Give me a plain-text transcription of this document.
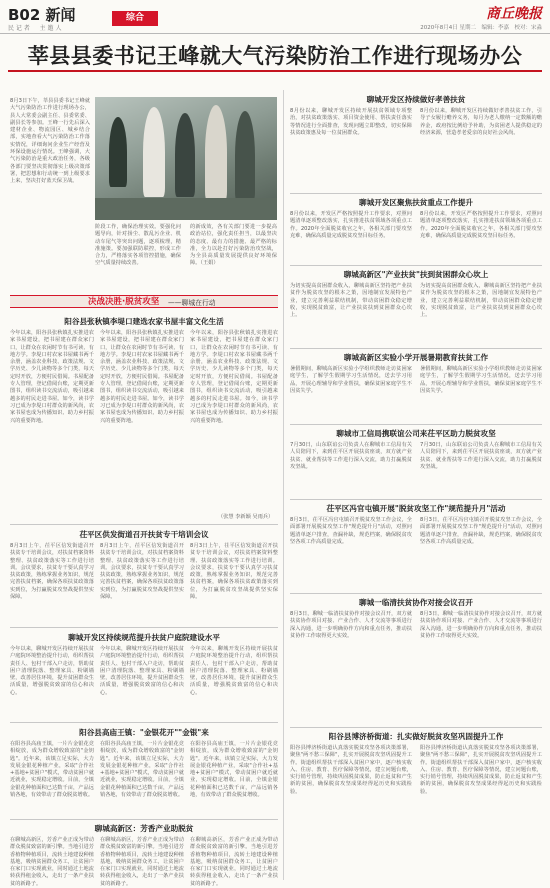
B02 新闻
民 记 者 　 主 邀 人
综合	商丘晚报
2020年8月4日 星期二　编辑：李嘉　校对：宋淼
莘县县委书记王峰就大气污染防治工作进行现场办公
8月3日下午，莘县县委书记王峰就大气污染防治工作进行现场办公，县人大常委会副主任、县委常委、副县长等参加。王峰一行先后深入建材企业、物流园区、城乡结合部，实地查看大气污染防治工作落实情况，详细询问企业生产经营及环保设施运行情况。王峰强调，大气污染防治是重大政治任务，各级各部门要坚决贯彻落实上级决策部署，把思想和行动统一到上级要求上来，坚决打好蓝天保卫战。
阶段工作，确保治理实效。要强化问题导向，针对扬尘、散乱污企业、机动车尾气等突出问题，逐项梳理，精准施策。要加强联防联控，形成工作合力，严格落实各项管控措施，确保空气质量持续改善。
的新成效，各有关部门要进一步提高政治站位，强化责任担当，以最坚决的态度、最有力的措施、最严格的标准，全力以赴打好污染防治攻坚战，为全县高质量发展提供良好环境保障。（王娟）
决战决胜·脱贫攻坚 ——聊城在行动
阳谷县张秋镇李堤口建选农家书屋丰富文化生活
今年以来，阳谷县张秋镇扎实推进农家书屋建设，把书屋建在群众家门口，让群众在农闲时节有书可读、有地方学。李堤口村农家书屋藏书两千余册，涵盖农业科技、政策法规、文学历史、少儿读物等多个门类，每天定时开放，方便村民借阅。书屋配备专人管理，登记借阅台账，定期更新图书，组织读书交流活动，吸引越来越多的村民走进书屋。如今，读书学习已成为李堤口村群众的新风尚，农家书屋也成为传播知识、助力乡村振兴的重要阵地。
今年以来，阳谷县张秋镇扎实推进农家书屋建设，把书屋建在群众家门口，让群众在农闲时节有书可读、有地方学。李堤口村农家书屋藏书两千余册，涵盖农业科技、政策法规、文学历史、少儿读物等多个门类，每天定时开放，方便村民借阅。书屋配备专人管理，登记借阅台账，定期更新图书，组织读书交流活动，吸引越来越多的村民走进书屋。如今，读书学习已成为李堤口村群众的新风尚，农家书屋也成为传播知识、助力乡村振兴的重要阵地。
今年以来，阳谷县张秋镇扎实推进农家书屋建设，把书屋建在群众家门口，让群众在农闲时节有书可读、有地方学。李堤口村农家书屋藏书两千余册，涵盖农业科技、政策法规、文学历史、少儿读物等多个门类，每天定时开放，方便村民借阅。书屋配备专人管理，登记借阅台账，定期更新图书，组织读书交流活动，吸引越来越多的村民走进书屋。如今，读书学习已成为李堤口村群众的新风尚，农家书屋也成为传播知识、助力乡村振兴的重要阵地。
（张慧 李新颖 吴雨兵）
茌平区供发街道召开扶贫专干培训会议
8月3日上午，茌平区信发街道召开扶贫专干培训会议，对扶贫档案资料整理、扶贫政策落实等工作进行培训。会议要求，扶贫专干要认真学习扶贫政策，熟练掌握业务知识，规范完善扶贫档案，确保各项扶贫政策落实到位，为打赢脱贫攻坚战提供坚实保障。
8月3日上午，茌平区信发街道召开扶贫专干培训会议，对扶贫档案资料整理、扶贫政策落实等工作进行培训。会议要求，扶贫专干要认真学习扶贫政策，熟练掌握业务知识，规范完善扶贫档案，确保各项扶贫政策落实到位，为打赢脱贫攻坚战提供坚实保障。
8月3日上午，茌平区信发街道召开扶贫专干培训会议，对扶贫档案资料整理、扶贫政策落实等工作进行培训。会议要求，扶贫专干要认真学习扶贫政策，熟练掌握业务知识，规范完善扶贫档案，确保各项扶贫政策落实到位，为打赢脱贫攻坚战提供坚实保障。
聊城开发区持续规范提升扶贫户庭院建设水平
今年以来，聊城开发区持续开展扶贫户庭院环境整治提升行动，组织帮扶责任人、包村干部入户走访，帮助贫困户清理院落、整理家具、粉刷墙壁，改善居住环境，提升贫困群众生活质量，增强脱贫致富的信心和决心。
今年以来，聊城开发区持续开展扶贫户庭院环境整治提升行动，组织帮扶责任人、包村干部入户走访，帮助贫困户清理院落、整理家具、粉刷墙壁，改善居住环境，提升贫困群众生活质量，增强脱贫致富的信心和决心。
今年以来，聊城开发区持续开展扶贫户庭院环境整治提升行动，组织帮扶责任人、包村干部入户走访，帮助贫困户清理院落、整理家具、粉刷墙壁，改善居住环境，提升贫困群众生活质量，增强脱贫致富的信心和决心。
阳谷县高庙王镇："金银花开""金银"来
在阳谷县高庙王镇，一片片金银花竞相绽放，成为群众增收致富的"金钥匙"。近年来，该镇立足实际，大力发展金银花种植产业，采取"合作社+基地+贫困户"模式，带动贫困户就近就业，实现稳定增收。目前，全镇金银花种植面积已达数千亩，产品远销各地，有效带动了群众脱贫增收。
在阳谷县高庙王镇，一片片金银花竞相绽放，成为群众增收致富的"金钥匙"。近年来，该镇立足实际，大力发展金银花种植产业，采取"合作社+基地+贫困户"模式，带动贫困户就近就业，实现稳定增收。目前，全镇金银花种植面积已达数千亩，产品远销各地，有效带动了群众脱贫增收。
在阳谷县高庙王镇，一片片金银花竞相绽放，成为群众增收致富的"金钥匙"。近年来，该镇立足实际，大力发展金银花种植产业，采取"合作社+基地+贫困户"模式，带动贫困户就近就业，实现稳定增收。目前，全镇金银花种植面积已达数千亩，产品远销各地，有效带动了群众脱贫增收。
聊城高新区：芳香产业助脱贫
在聊城高新区，芳香产业正成为带动群众脱贫致富的新引擎。当地引进芳香植物种植项目，流转土地建设种植基地，吸纳贫困群众务工，让贫困户在家门口实现就业，同时通过土地流转获得租金收入，走出了一条产业扶贫的新路子。
在聊城高新区，芳香产业正成为带动群众脱贫致富的新引擎。当地引进芳香植物种植项目，流转土地建设种植基地，吸纳贫困群众务工，让贫困户在家门口实现就业，同时通过土地流转获得租金收入，走出了一条产业扶贫的新路子。
在聊城高新区，芳香产业正成为带动群众脱贫致富的新引擎。当地引进芳香植物种植项目，流转土地建设种植基地，吸纳贫困群众务工，让贫困户在家门口实现就业，同时通过土地流转获得租金收入，走出了一条产业扶贫的新路子。
聊城开发区持续做好孝善扶贫
8月份以来，聊城开发区持续开展扶贫领域专项整治，对扶贫政策落实、项目资金使用、帮扶责任落实等情况进行全面排查，发现问题立即整改，切实保障扶贫政策惠及每一位贫困群众。
8月份以来，聊城开发区持续做好孝善扶贫工作，引导子女履行赡养义务，每月为老人缴纳一定数额的赡养金，政府按比例给予补助，为贫困老人提供稳定的经济来源，营造孝老爱亲的良好社会风尚。
聊城开发区聚焦扶贫重点工作提升
8月份以来，开发区严格按照提升工作要求，对照问题清单逐项整改落实，扎实推进扶贫领域各项重点工作。2020年全面脱贫收官之年，各相关部门要攻坚克难，确保高质量完成脱贫攻坚目标任务。
8月份以来，开发区严格按照提升工作要求，对照问题清单逐项整改落实，扎实推进扶贫领域各项重点工作。2020年全面脱贫收官之年，各相关部门要攻坚克难，确保高质量完成脱贫攻坚目标任务。
聊城高新区"产业扶贫"扶到贫困群众心坎上
为切实提高贫困群众收入，聊城高新区坚持把产业扶贫作为脱贫攻坚的根本之策，因地制宜发展特色产业，建立完善利益联结机制，带动贫困群众稳定增收，实现脱贫致富，让产业扶贫扶到贫困群众心坎上。
为切实提高贫困群众收入，聊城高新区坚持把产业扶贫作为脱贫攻坚的根本之策，因地制宜发展特色产业，建立完善利益联结机制，带动贫困群众稳定增收，实现脱贫致富，让产业扶贫扶到贫困群众心坎上。
聊城高新区实验小学开展暑期教育扶贫工作
暑假期间，聊城高新区实验小学组织教师走访贫困家庭学生，了解学生假期学习生活情况，送去学习用品，开展心理辅导和学业帮扶，确保贫困家庭学生不因贫失学。
暑假期间，聊城高新区实验小学组织教师走访贫困家庭学生，了解学生假期学习生活情况，送去学习用品，开展心理辅导和学业帮扶，确保贫困家庭学生不因贫失学。
聊城市工信局携联谊公司来茌平区助力脱贫攻坚
7月30日，山东联谊公司负责人在聊城市工信局有关人员陪同下，来到茌平区开展扶贫座谈，双方就产业扶贫、就业帮扶等工作进行深入交流，助力打赢脱贫攻坚战。
7月30日，山东联谊公司负责人在聊城市工信局有关人员陪同下，来到茌平区开展扶贫座谈，双方就产业扶贫、就业帮扶等工作进行深入交流，助力打赢脱贫攻坚战。
茌平区冯官屯镇开展"脱贫攻坚工作"规范提升月"活动
8月3日，茌平区冯官屯镇召开脱贫攻坚工作会议，全面部署开展脱贫攻坚工作"规范提升月"活动，对照问题清单逐户排查，查漏补缺，规范档案，确保脱贫攻坚各项工作高质量完成。
8月3日，茌平区冯官屯镇召开脱贫攻坚工作会议，全面部署开展脱贫攻坚工作"规范提升月"活动，对照问题清单逐户排查，查漏补缺，规范档案，确保脱贫攻坚各项工作高质量完成。
聊城一临清扶贫协作对接会议召开
8月3日，聊城一临清扶贫协作对接会议召开，双方就扶贫协作项目对接、产业合作、人才交流等事项进行深入沟通，进一步明确协作方向和重点任务，推动扶贫协作工作取得更大实效。
8月3日，聊城一临清扶贫协作对接会议召开，双方就扶贫协作项目对接、产业合作、人才交流等事项进行深入沟通，进一步明确协作方向和重点任务，推动扶贫协作工作取得更大实效。
阳谷县博济桥街道：扎实做好脱贫攻坚巩固提升工作
阳谷县博济桥街道认真落实脱贫攻坚各项决策部署，聚焦"两不愁三保障"，扎实开展脱贫攻坚巩固提升工作。街道组织帮扶干部深入贫困户家中，逐户核实收入、住房、教育、医疗保障等情况，建立问题台账，实行销号管理，持续巩固脱贫成果，防止返贫和产生新的贫困，确保脱贫攻坚成果经得起历史和实践检验。
阳谷县博济桥街道认真落实脱贫攻坚各项决策部署，聚焦"两不愁三保障"，扎实开展脱贫攻坚巩固提升工作。街道组织帮扶干部深入贫困户家中，逐户核实收入、住房、教育、医疗保障等情况，建立问题台账，实行销号管理，持续巩固脱贫成果，防止返贫和产生新的贫困，确保脱贫攻坚成果经得起历史和实践检验。
